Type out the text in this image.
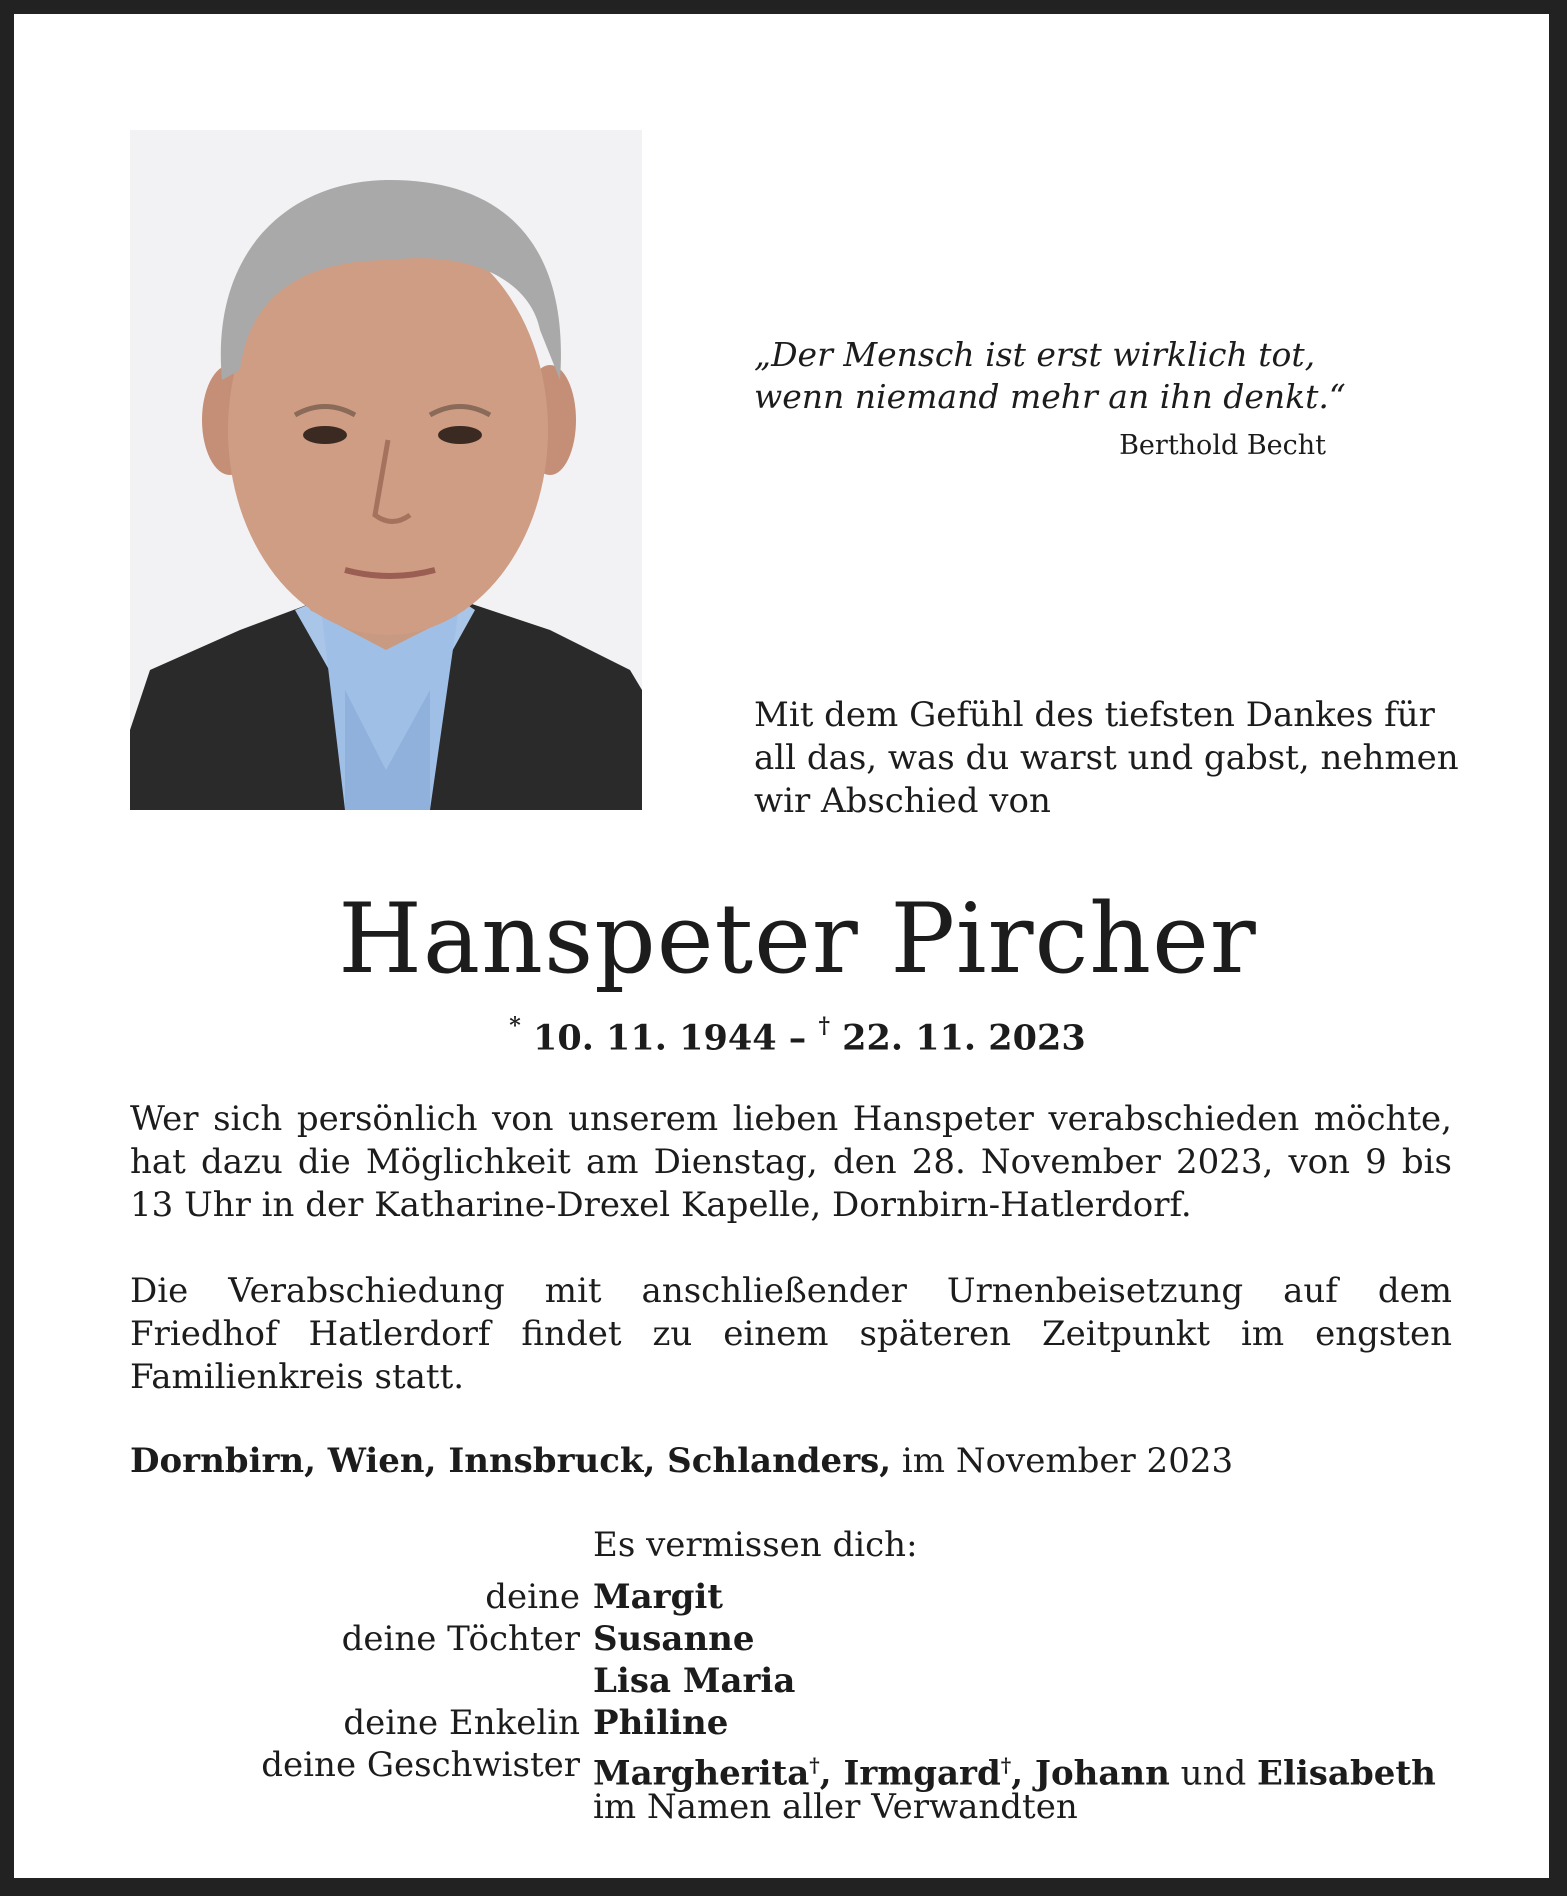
„Der Mensch ist erst wirklich tot,
wenn niemand mehr an ihn denkt.“
Berthold Becht
Mit dem Gefühl des tiefsten Dankes für
all das, was du warst und gabst, nehmen
wir Abschied von
Hanspeter Pircher
* 10. 11. 1944 – † 22. 11. 2023
Wer sich persönlich von unserem lieben Hanspeter verabschieden möchte,
hat dazu die Möglichkeit am Dienstag, den 28. November 2023, von 9 bis
13 Uhr in der Katharine-Drexel Kapelle, Dornbirn-Hatlerdorf.
Die Verabschiedung mit anschließender Urnenbeisetzung auf dem
Friedhof Hatlerdorf findet zu einem späteren Zeitpunkt im engsten
Familienkreis statt.
Dornbirn, Wien, Innsbruck, Schlanders, im November 2023
Es vermissen dich:
deine Margit
deine Töchter Susanne
Lisa Maria
deine Enkelin Philine
deine Geschwister Margherita†, Irmgard†, Johann und Elisabeth
im Namen aller Verwandten
